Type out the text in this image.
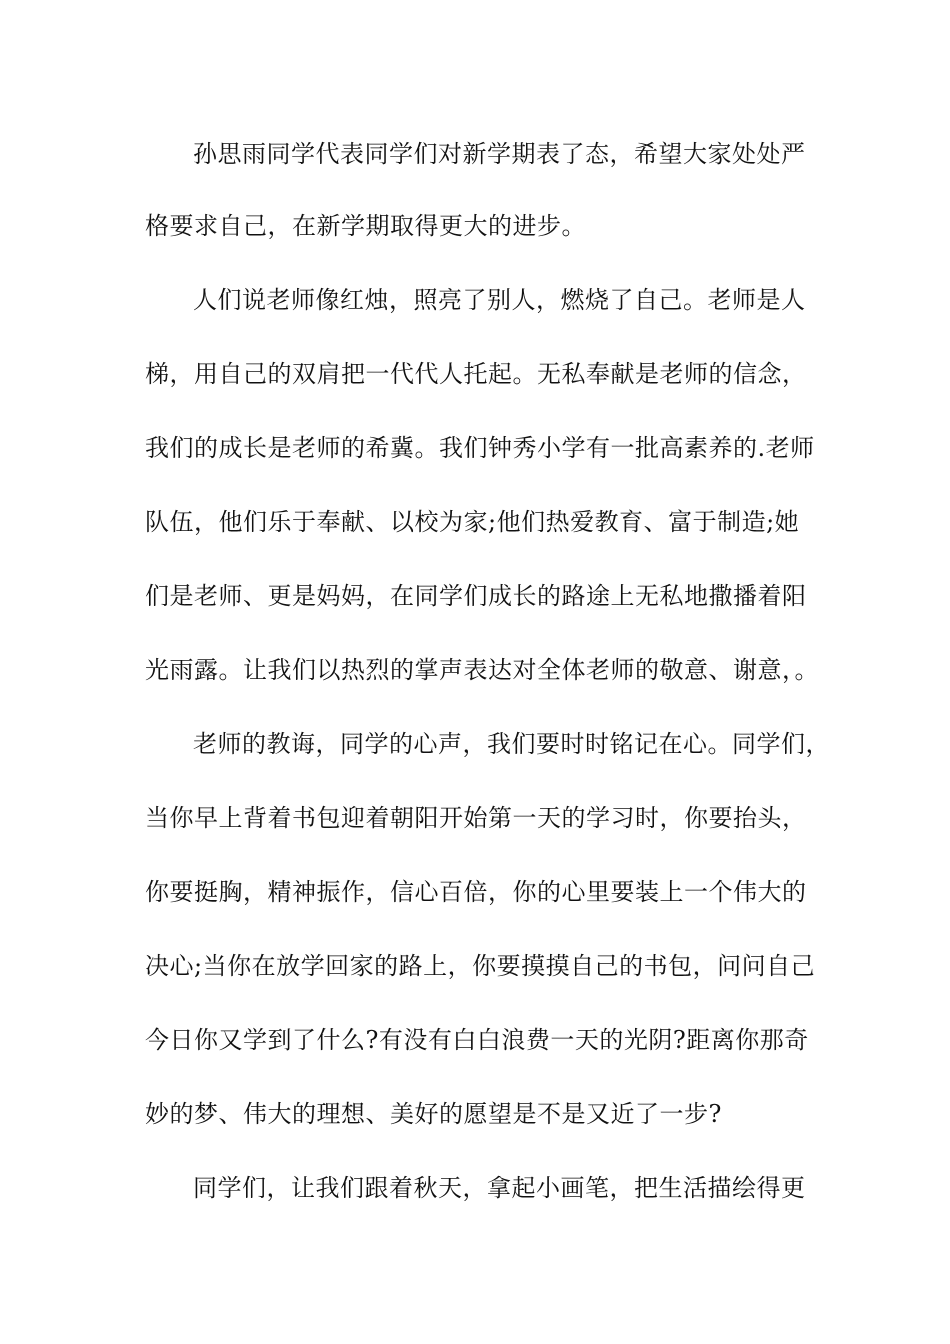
孙思雨同学代表同学们对新学期表了态，希望大家处处严
格要求自己，在新学期取得更大的进步。
人们说老师像红烛，照亮了别人，燃烧了自己。老师是人
梯，用自己的双肩把一代代人托起。无私奉献是老师的信念，
我们的成长是老师的希冀。我们钟秀小学有一批高素养的.老师
队伍，他们乐于奉献、以校为家;他们热爱教育、富于制造;她
们是老师、更是妈妈，在同学们成长的路途上无私地撒播着阳
光雨露。让我们以热烈的掌声表达对全体老师的敬意、谢意，。
老师的教诲，同学的心声，我们要时时铭记在心。同学们，
当你早上背着书包迎着朝阳开始第一天的学习时，你要抬头，
你要挺胸，精神振作，信心百倍，你的心里要装上一个伟大的
决心;当你在放学回家的路上，你要摸摸自己的书包，问问自己
今日你又学到了什么?有没有白白浪费一天的光阴?距离你那奇
妙的梦、伟大的理想、美好的愿望是不是又近了一步?
同学们，让我们跟着秋天，拿起小画笔，把生活描绘得更
